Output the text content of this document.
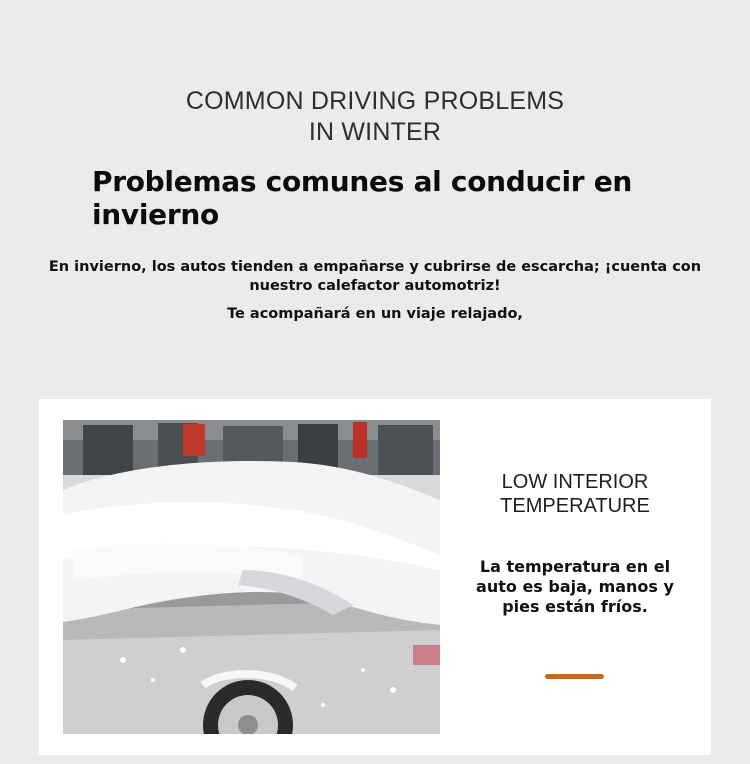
COMMON DRIVING PROBLEMS
IN WINTER
Problemas comunes al conducir en invierno
En invierno, los autos tienden a empañarse y cubrirse de escarcha; ¡cuenta con nuestro calefactor automotriz!
Te acompañará en un viaje relajado,
LOW INTERIOR
TEMPERATURE
La temperatura en el auto es baja, manos y pies están fríos.
